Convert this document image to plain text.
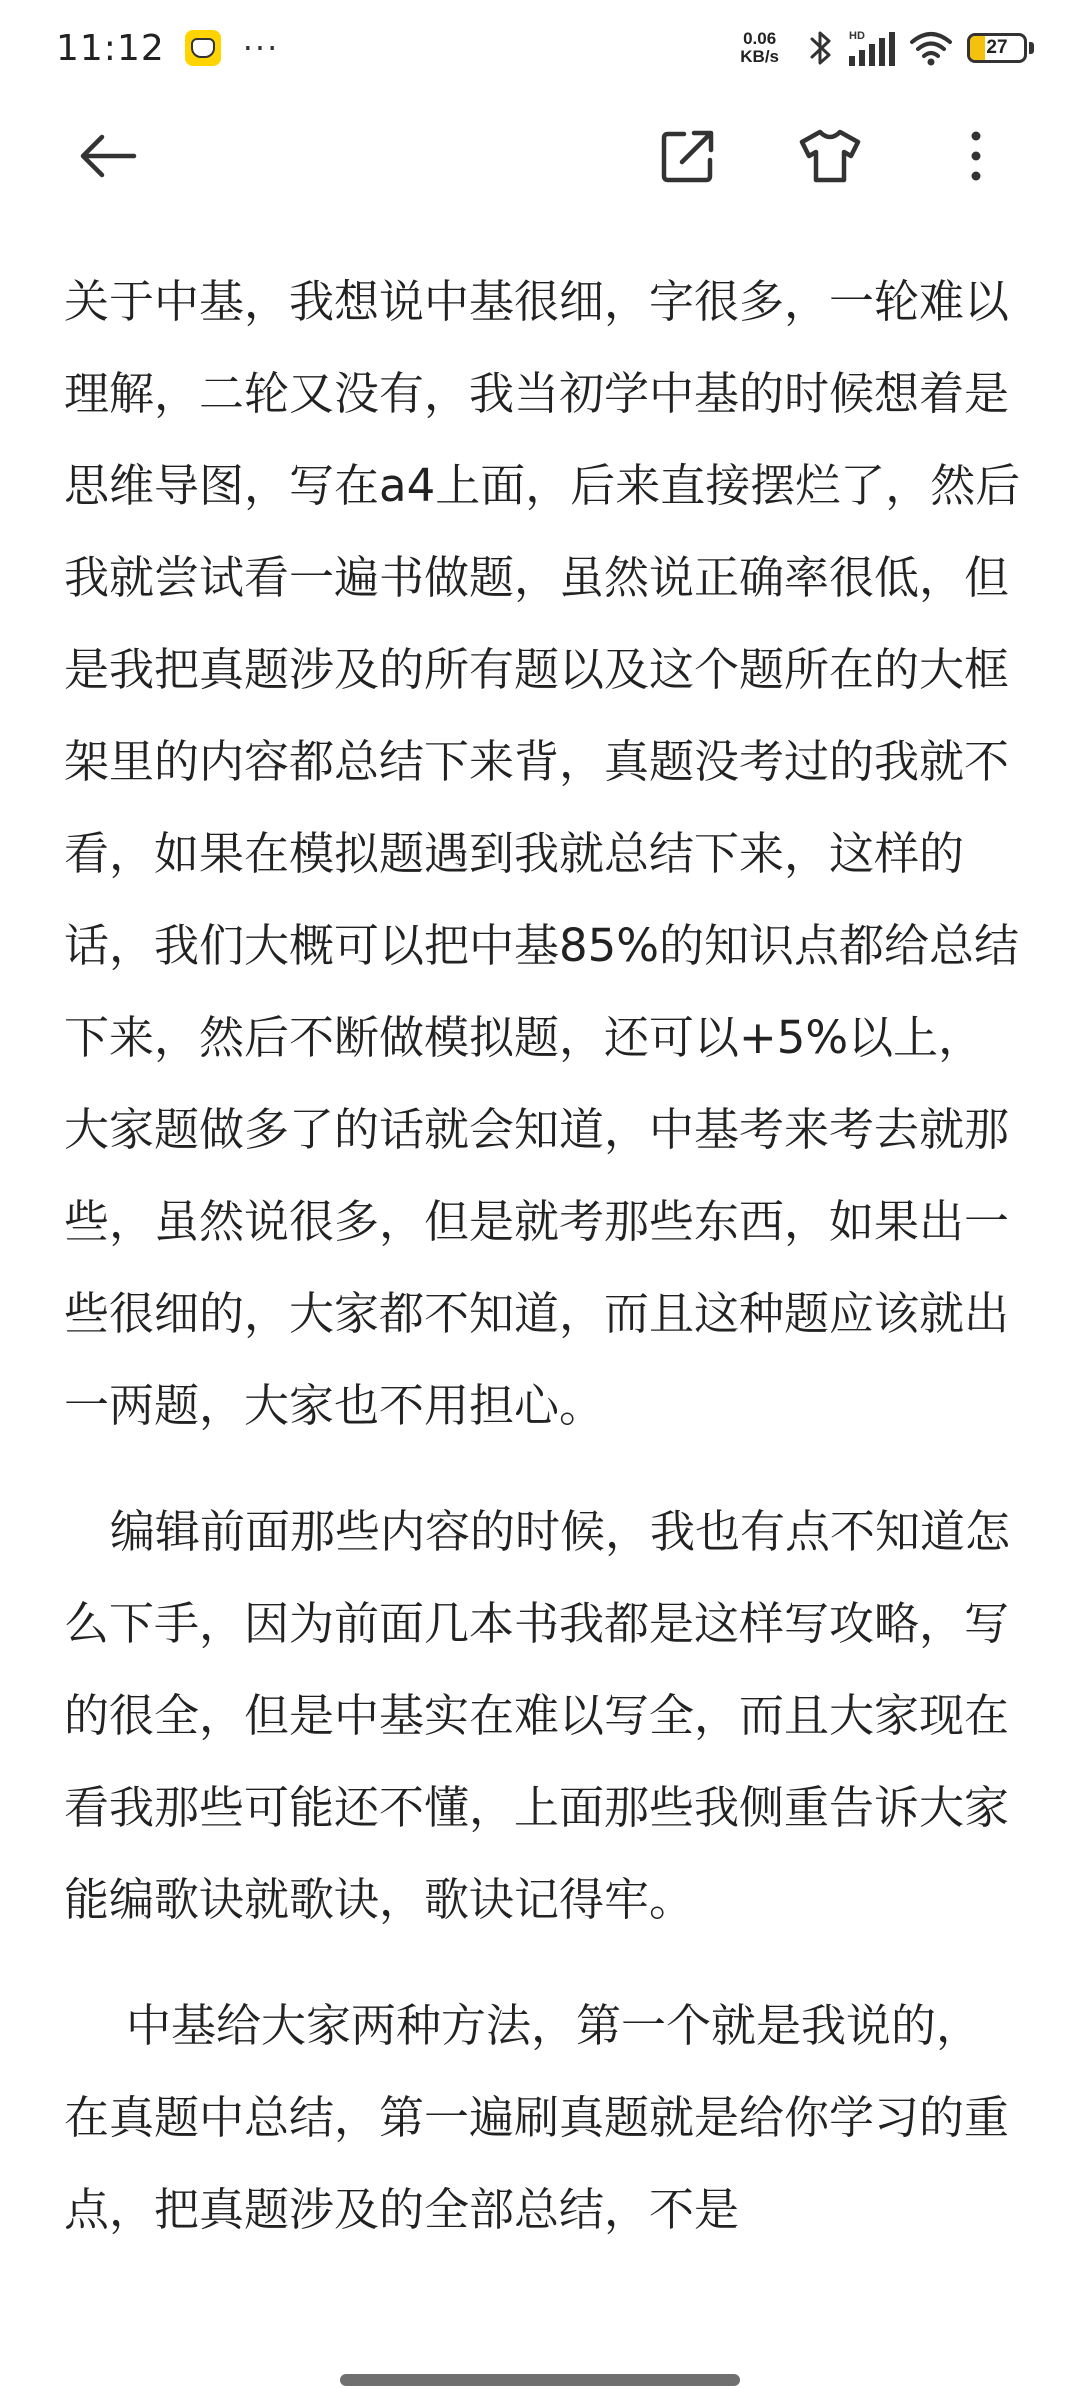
11:12 ···	0.06
KB/s
HD
27

关于中基，我想说中基很细，字很多，一轮难以理解，二轮又没有，我当初学中基的时候想着是思维导图，写在a4上面，后来直接摆烂了，然后我就尝试看一遍书做题，虽然说正确率很低，但是我把真题涉及的所有题以及这个题所在的大框架里的内容都总结下来背，真题没考过的我就不看，如果在模拟题遇到我就总结下来，这样的话，我们大概可以把中基85%的知识点都给总结下来，然后不断做模拟题，还可以+5%以上，大家题做多了的话就会知道，中基考来考去就那些，虽然说很多，但是就考那些东西，如果出一些很细的，大家都不知道，而且这种题应该就出一两题，大家也不用担心。

编辑前面那些内容的时候，我也有点不知道怎么下手，因为前面几本书我都是这样写攻略，写的很全，但是中基实在难以写全，而且大家现在看我那些可能还不懂，上面那些我侧重告诉大家能编歌诀就歌诀，歌诀记得牢。

中基给大家两种方法，第一个就是我说的，在真题中总结，第一遍刷真题就是给你学习的重点，把真题涉及的全部总结，不是
